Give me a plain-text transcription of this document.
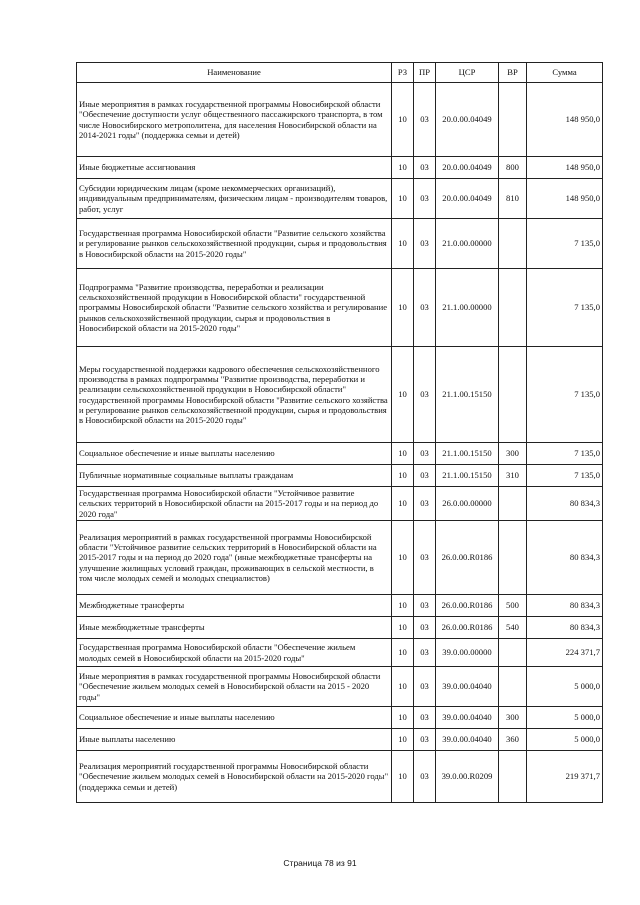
Наименование	РЗ	ПР	ЦСР	ВР	Сумма
Иные мероприятия в рамках государственной программы Новосибирской области "Обеспечение доступности услуг общественного пассажирского транспорта, в том числе Новосибирского метрополитена, для населения Новосибирской области на 2014-2021 годы" (поддержка семьи и детей)	10	03	20.0.00.04049		148 950,0
Иные бюджетные ассигнования	10	03	20.0.00.04049	800	148 950,0
Субсидии юридическим лицам (кроме некоммерческих организаций), индивидуальным предпринимателям, физическим лицам - производителям товаров, работ, услуг	10	03	20.0.00.04049	810	148 950,0
Государственная программа Новосибирской области "Развитие сельского хозяйства и регулирование рынков сельскохозяйственной продукции, сырья и продовольствия в Новосибирской области на 2015-2020 годы"	10	03	21.0.00.00000		7 135,0
Подпрограмма "Развитие производства, переработки и реализации сельскохозяйственной продукции в Новосибирской области" государственной программы Новосибирской области "Развитие сельского хозяйства и регулирование рынков сельскохозяйственной продукции, сырья и продовольствия в Новосибирской области на 2015-2020 годы"	10	03	21.1.00.00000		7 135,0
Меры государственной поддержки кадрового обеспечения сельскохозяйственного производства в рамках подпрограммы "Развитие производства, переработки и реализации сельскохозяйственной продукции в Новосибирской области" государственной программы Новосибирской области "Развитие сельского хозяйства и регулирование рынков сельскохозяйственной продукции, сырья и продовольствия в Новосибирской области на 2015-2020 годы"	10	03	21.1.00.15150		7 135,0
Социальное обеспечение и иные выплаты населению	10	03	21.1.00.15150	300	7 135,0
Публичные нормативные социальные выплаты гражданам	10	03	21.1.00.15150	310	7 135,0
Государственная программа Новосибирской области "Устойчивое развитие сельских территорий в Новосибирской области на 2015-2017 годы и на период до 2020 года"	10	03	26.0.00.00000		80 834,3
Реализация мероприятий в рамках государственной программы Новосибирской области "Устойчивое развитие сельских территорий в Новосибирской области на 2015-2017 годы и на период до 2020 года" (иные межбюджетные трансферты на улучшение жилищных условий граждан, проживающих в сельской местности, в том числе молодых семей и молодых специалистов)	10	03	26.0.00.R0186		80 834,3
Межбюджетные трансферты	10	03	26.0.00.R0186	500	80 834,3
Иные межбюджетные трансферты	10	03	26.0.00.R0186	540	80 834,3
Государственная программа Новосибирской области "Обеспечение жильем молодых семей в Новосибирской области на 2015-2020 годы"	10	03	39.0.00.00000		224 371,7
Иные мероприятия в рамках государственной программы Новосибирской области "Обеспечение жильем молодых семей в Новосибирской области на 2015 - 2020 годы"	10	03	39.0.00.04040		5 000,0
Социальное обеспечение и иные выплаты населению	10	03	39.0.00.04040	300	5 000,0
Иные выплаты населению	10	03	39.0.00.04040	360	5 000,0
Реализация мероприятий государственной программы Новосибирской области "Обеспечение жильем молодых семей в Новосибирской области на 2015-2020 годы" (поддержка семьи и детей)	10	03	39.0.00.R0209		219 371,7
Страница 78 из 91
